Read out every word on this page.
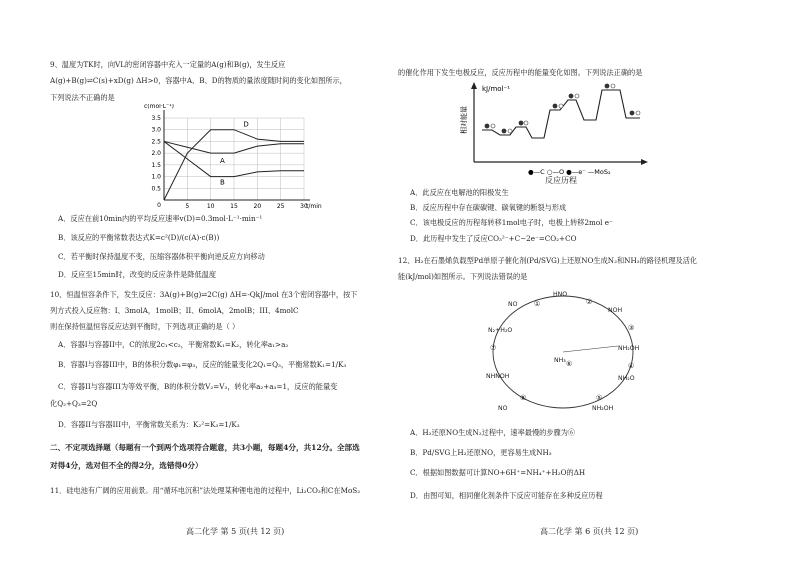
9、温度为TK时，向VL的密闭容器中充入一定量的A(g)和B(g)，发生反应
A(g)+B(g)⇌C(s)+xD(g) ΔH>0，容器中A、B、D的物质的量浓度随时间的变化如图所示，
下列说法不正确的是
0.5
1.0
1.5
2.0
2.5
3.0
3.5
5	10	15	20	25	30
0
c(mol·L⁻¹)
t/min
D
A
B
A．反应在前10min内的平均反应速率v(D)=0.3mol·L⁻¹·min⁻¹
B．该反应的平衡常数表达式K=c²(D)/(c(A)·c(B))
C．若平衡时保持温度不变，压缩容器体积平衡向逆反应方向移动
D．反应至15min时，改变的反应条件是降低温度
10、恒温恒容条件下，发生反应：3A(g)+B(g)⇌2C(g) ΔH=-QkJ/mol 在3个密闭容器中，按下
列方式投入反应物：I、3molA，1molB；II、6molA，2molB；III、4molC
则在保持恒温恒容反应达到平衡时，下列选项正确的是（ ）
A．容器I与容器II中，C的浓度2c₁<c₂，平衡常数K₁=K₂，转化率a₁>a₂
B．容器I与容器III中，B的体积分数φ₁=φ₃，反应的能量变化2Q₁=Q₃，平衡常数K₁=1/K₃
C．容器II与容器III为等效平衡，B的体积分数V₂=V₃，转化率a₂+a₃=1，反应的能量变
化Q₂+Q₃=2Q
D．容器II与容器III中，平衡常数关系为：K₂²=K₃=1/K₃
二、不定项选择题（每题有一个到两个选项符合题意，共3小题，每题4分，共12分。全部选
对得4分，选对但不全的得2分，选错得0分）
11．硅电池有广阔的应用前景。用“循环电沉积”法处理某种锂电池的过程中，Li₂CO₃和C在MoS₂
高二化学 第 5 页(共 12 页)
的催化作用下发生电极反应，反应历程中的能量变化如图。下列说法正确的是
kJ/mol⁻¹
相对能量
●—C ○—O ●—e⁻ —MoS₂
反应历程
A．此反应在电解池的阳极发生
B．反应历程中存在碳碳键、碳氧键的断裂与形成
C．该电极反应的历程每转移1mol电子时，电极上转移2mol e⁻
D．此历程中发生了反应CO₃²⁻+C−2e⁻=CO₂+CO
12、H₂在石墨烯负载型Pd单原子催化剂(Pd/SVG)上还原NO生成N₂和NH₃的路径机理及活化
能(kJ/mol)如图所示。下列说法错误的是
HNO
NO
NOH
NH₂OH
N₂+H₂O
NH₂O
NHNOH
NH₃
NO	NH₂OH
①	②
③
④
⑤
⑥
⑦
⑧
A．H₂还原NO生成N₂过程中，速率最慢的步骤为⑥
B．Pd/SVG上H₂还原NO，更容易生成NH₃
C．根据如图数据可计算NO+6H⁺=NH₄⁺+H₂O的ΔH
D．由图可知，相同催化剂条件下反应可能存在多种反应历程
高二化学 第 6 页(共 12 页)
